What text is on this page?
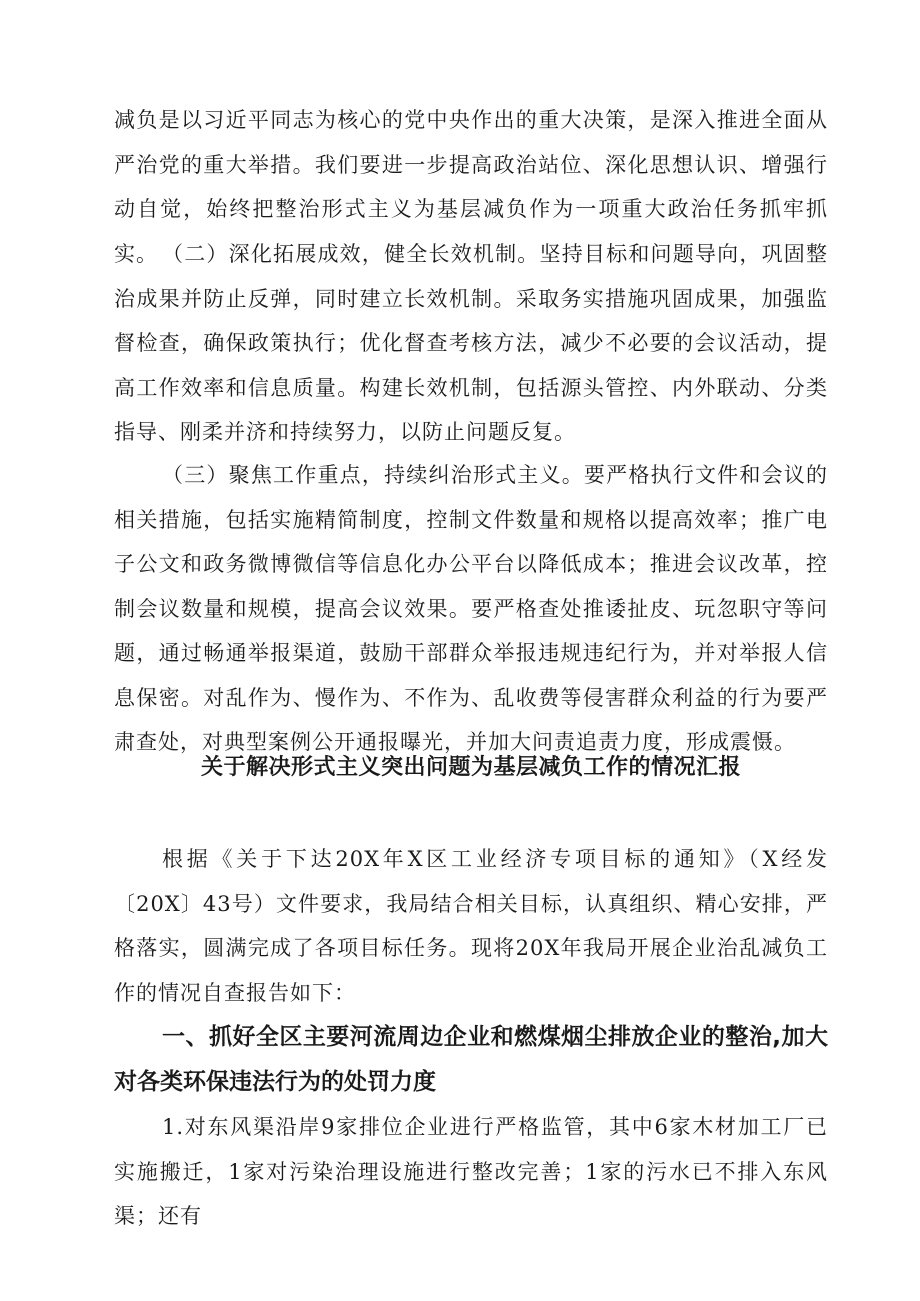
减负是以习近平同志为核心的党中央作出的重大决策，是深入推进全面从严治党的重大举措。我们要进一步提高政治站位、深化思想认识、增强行动自觉，始终把整治形式主义为基层减负作为一项重大政治任务抓牢抓实。 （二）深化拓展成效，健全长效机制。坚持目标和问题导向，巩固整治成果并防止反弹，同时建立长效机制。采取务实措施巩固成果，加强监督检查，确保政策执行；优化督查考核方法，减少不必要的会议活动，提高工作效率和信息质量。构建长效机制，包括源头管控、内外联动、分类指导、刚柔并济和持续努力，以防止问题反复。

（三）聚焦工作重点，持续纠治形式主义。要严格执行文件和会议的相关措施，包括实施精简制度，控制文件数量和规格以提高效率；推广电子公文和政务微博微信等信息化办公平台以降低成本；推进会议改革，控制会议数量和规模，提高会议效果。要严格查处推诿扯皮、玩忽职守等问题，通过畅通举报渠道，鼓励干部群众举报违规违纪行为，并对举报人信息保密。对乱作为、慢作为、不作为、乱收费等侵害群众利益的行为要严肃查处，对典型案例公开通报曝光，并加大问责追责力度，形成震慑。

关于解决形式主义突出问题为基层减负工作的情况汇报

根据《关于下达20X年X区工业经济专项目标的通知》（X经发〔20X〕43号）文件要求，我局结合相关目标，认真组织、精心安排，严格落实，圆满完成了各项目标任务。现将20X年我局开展企业治乱减负工作的情况自查报告如下：

一、抓好全区主要河流周边企业和燃煤烟尘排放企业的整治,加大对各类环保违法行为的处罚力度

1.对东风渠沿岸9家排位企业进行严格监管，其中6家木材加工厂已实施搬迁，1家对污染治理设施进行整改完善；1家的污水已不排入东风渠；还有
